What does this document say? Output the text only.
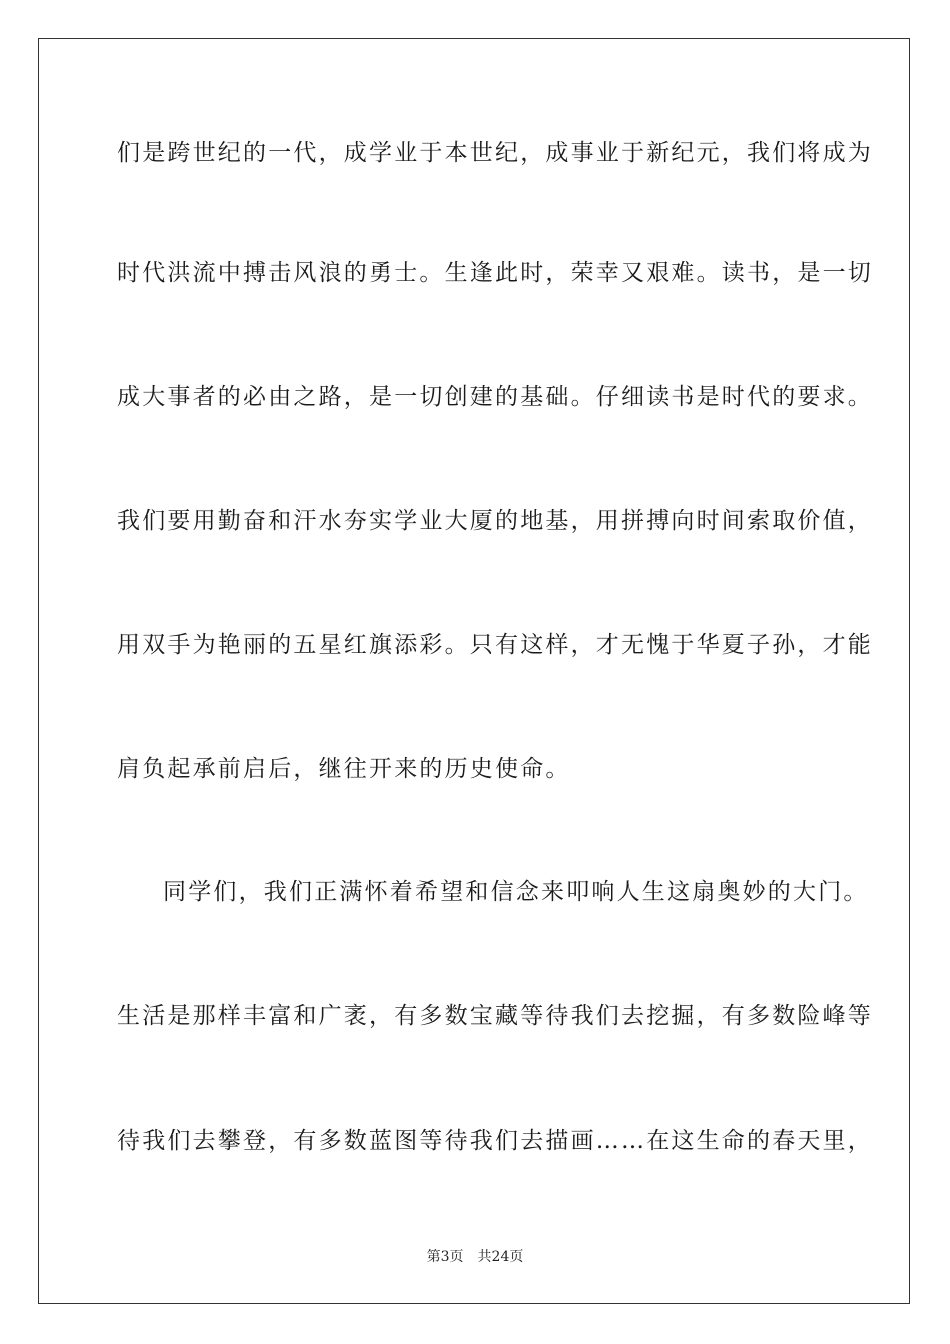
们是跨世纪的一代，成学业于本世纪，成事业于新纪元，我们将成为
时代洪流中搏击风浪的勇士。生逢此时，荣幸又艰难。读书，是一切
成大事者的必由之路，是一切创建的基础。仔细读书是时代的要求。
我们要用勤奋和汗水夯实学业大厦的地基，用拼搏向时间索取价值，
用双手为艳丽的五星红旗添彩。只有这样，才无愧于华夏子孙，才能
肩负起承前启后，继往开来的历史使命。
同学们，我们正满怀着希望和信念来叩响人生这扇奥妙的大门。
生活是那样丰富和广袤，有多数宝藏等待我们去挖掘，有多数险峰等
待我们去攀登，有多数蓝图等待我们去描画……在这生命的春天里，
第3页 共24页
